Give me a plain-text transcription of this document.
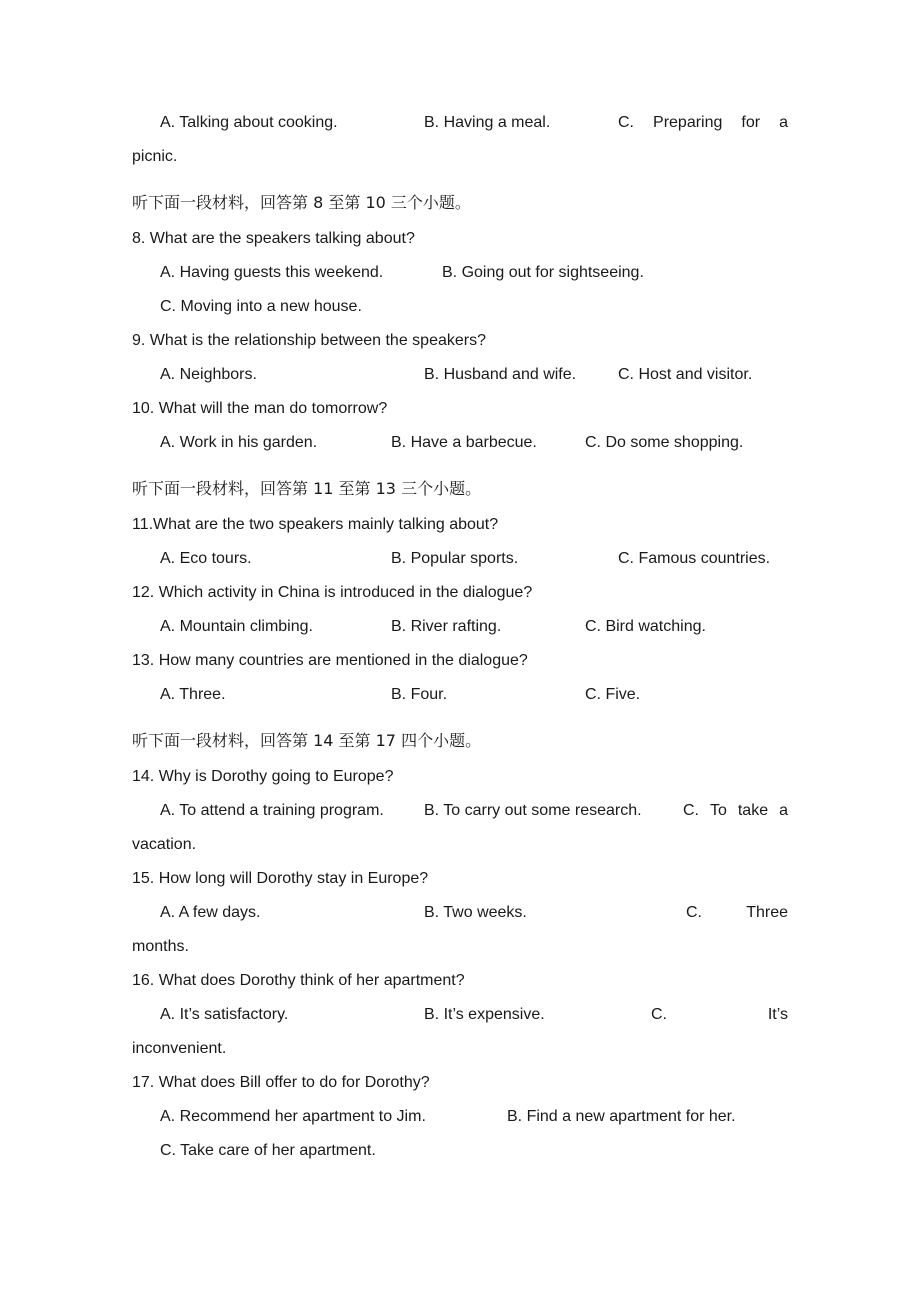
A. Talking about cooking.	B. Having a meal.	C. Preparing for a
picnic.
听下面一段材料，回答第 8 至第 10 三个小题。
8. What are the speakers talking about?
A. Having guests this weekend.	B. Going out for sightseeing.
C. Moving into a new house.
9. What is the relationship between the speakers?
A. Neighbors.	B. Husband and wife.	C. Host and visitor.
10. What will the man do tomorrow?
A. Work in his garden.	B. Have a barbecue.	C. Do some shopping.
听下面一段材料，回答第 11 至第 13 三个小题。
11.What are the two speakers mainly talking about?
A. Eco tours.	B. Popular sports.	C. Famous countries.
12. Which activity in China is introduced in the dialogue?
A. Mountain climbing.	B. River rafting.	C. Bird watching.
13. How many countries are mentioned in the dialogue?
A. Three.	B. Four.	C. Five.
听下面一段材料，回答第 14 至第 17 四个小题。
14. Why is Dorothy going to Europe?
A. To attend a training program.	B. To carry out some research.	C. To take a
vacation.
15. How long will Dorothy stay in Europe?
A. A few days.	B. Two weeks.	C.	Three
months.
16. What does Dorothy think of her apartment?
A. It’s satisfactory.	B. It’s expensive.	C.	It’s
inconvenient.
17. What does Bill offer to do for Dorothy?
A. Recommend her apartment to Jim.	B. Find a new apartment for her.
C. Take care of her apartment.
